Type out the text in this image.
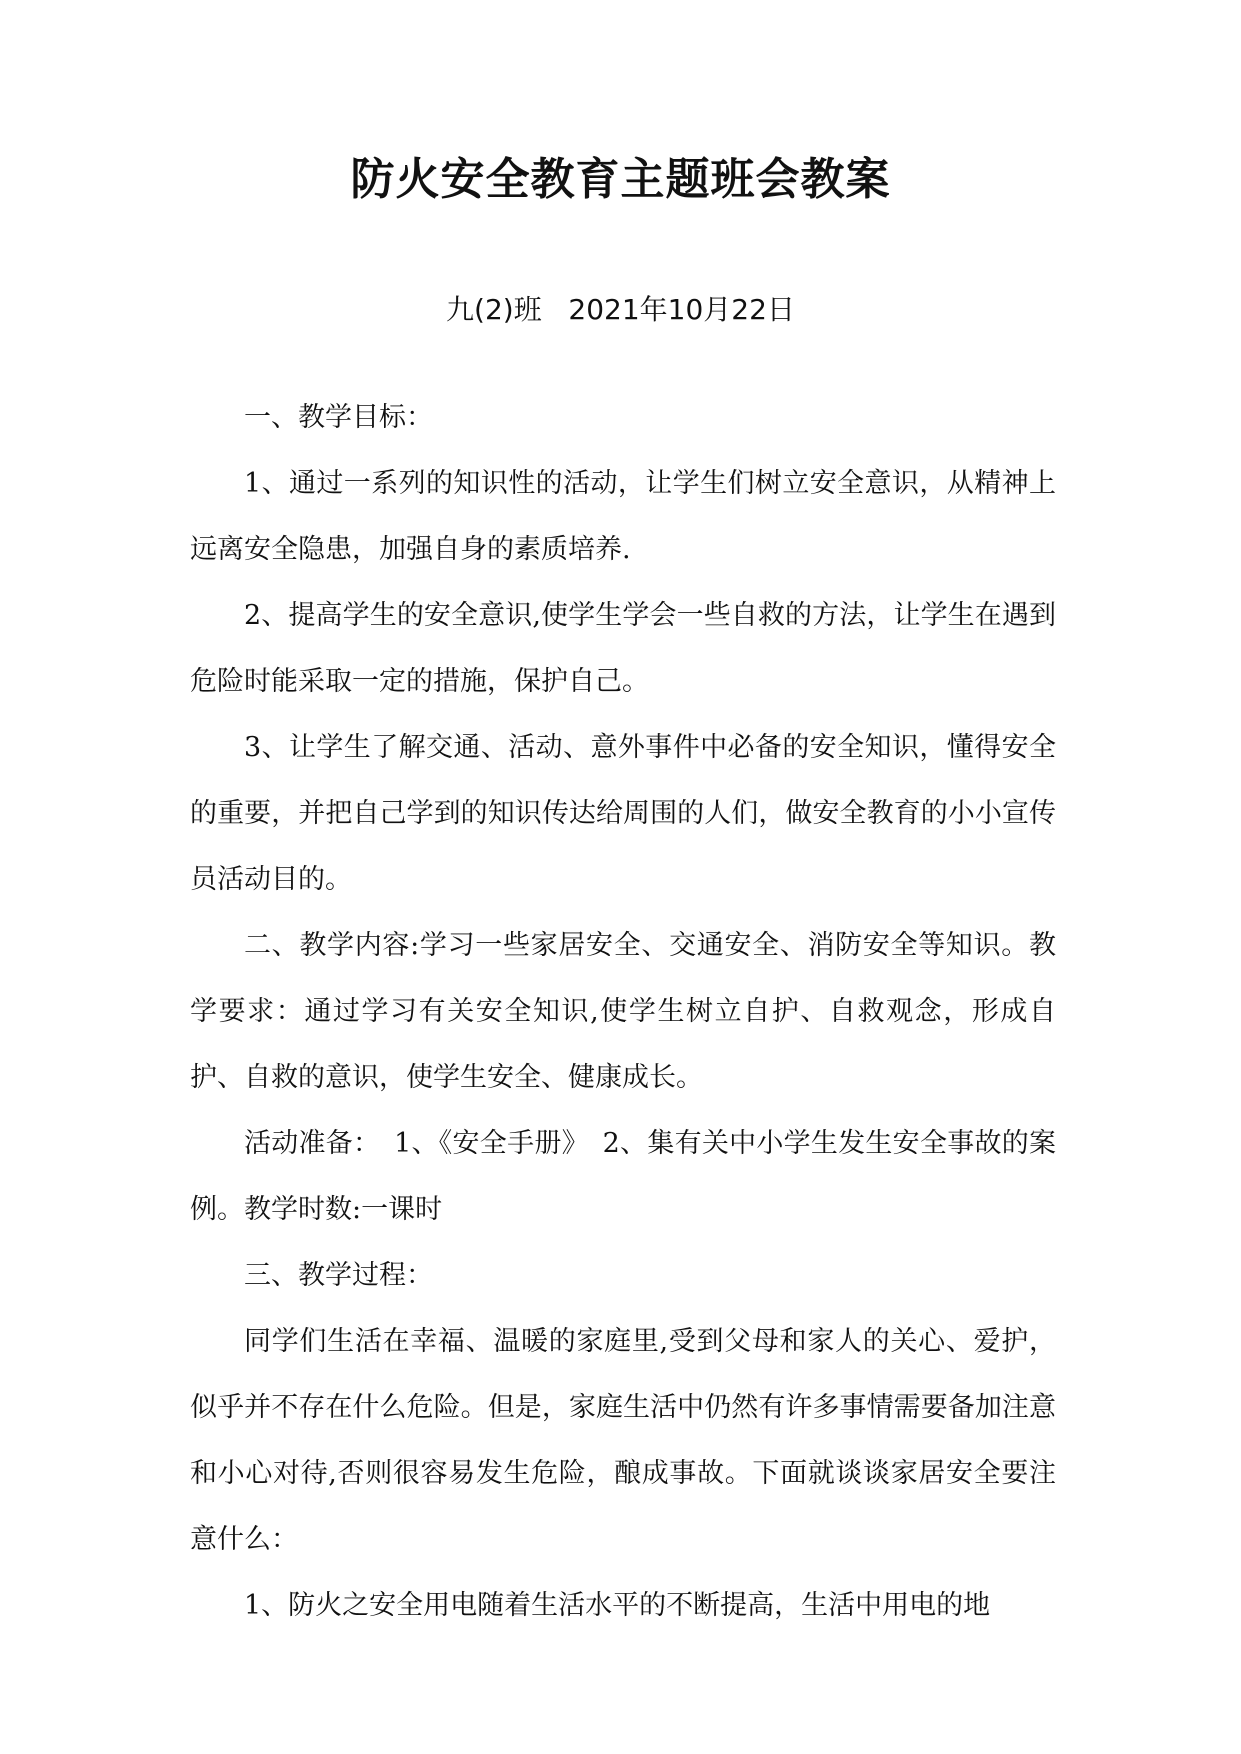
防火安全教育主题班会教案
九(2)班 2021年10月22日

一、教学目标：

1、通过一系列的知识性的活动，让学生们树立安全意识，从精神上远离安全隐患，加强自身的素质培养.

2、提高学生的安全意识,使学生学会一些自救的方法，让学生在遇到危险时能采取一定的措施，保护自己。

3、让学生了解交通、活动、意外事件中必备的安全知识，懂得安全的重要，并把自己学到的知识传达给周围的人们，做安全教育的小小宣传员活动目的。

二、教学内容:学习一些家居安全、交通安全、消防安全等知识。教学要求：通过学习有关安全知识,使学生树立自护、自救观念，形成自护、自救的意识，使学生安全、健康成长。

活动准备：　1、《安全手册》　2、集有关中小学生发生安全事故的案例。教学时数:一课时

三、教学过程：

同学们生活在幸福、温暖的家庭里,受到父母和家人的关心、爱护，似乎并不存在什么危险。但是，家庭生活中仍然有许多事情需要备加注意和小心对待,否则很容易发生危险，酿成事故。下面就谈谈家居安全要注意什么：

1、防火之安全用电随着生活水平的不断提高，生活中用电的地
